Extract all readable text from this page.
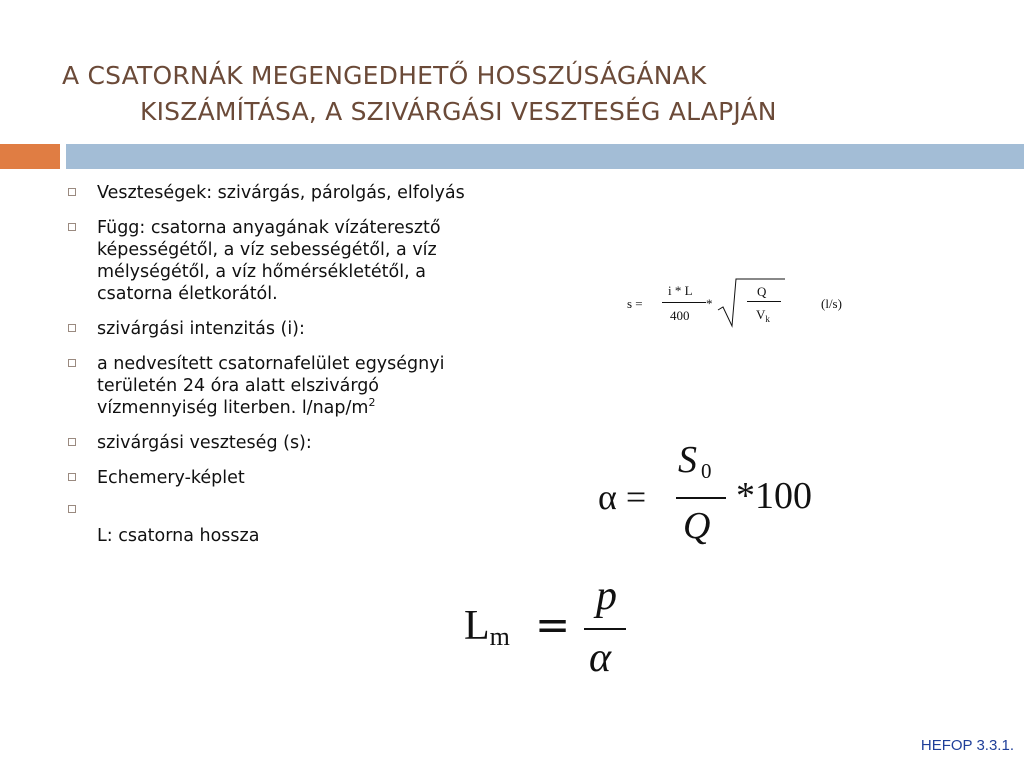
A CSATORNÁK MEGENGEDHETŐ HOSSZÚSÁGÁNAK
KISZÁMÍTÁSA, A SZIVÁRGÁSI VESZTESÉG ALAPJÁN
Veszteségek: szivárgás, párolgás, elfolyás
Függ: csatorna anyagának vízáteresztő képességétől, a víz sebességétől, a víz mélységétől, a víz hőmérsékletétől, a csatorna életkorától.
szivárgási intenzitás (i):
a nedvesített csatornafelület egységnyi területén 24 óra alatt elszivárgó vízmennyiség literben. $l/nap/m^2$
szivárgási veszteség (s):
Echemery-képlet
L: csatorna hossza
s =
i * L
400
*
Q
$V_k$
(l/s)
α =
S 0
Q
*100
Lm =
p
α
HEFOP 3.3.1.
